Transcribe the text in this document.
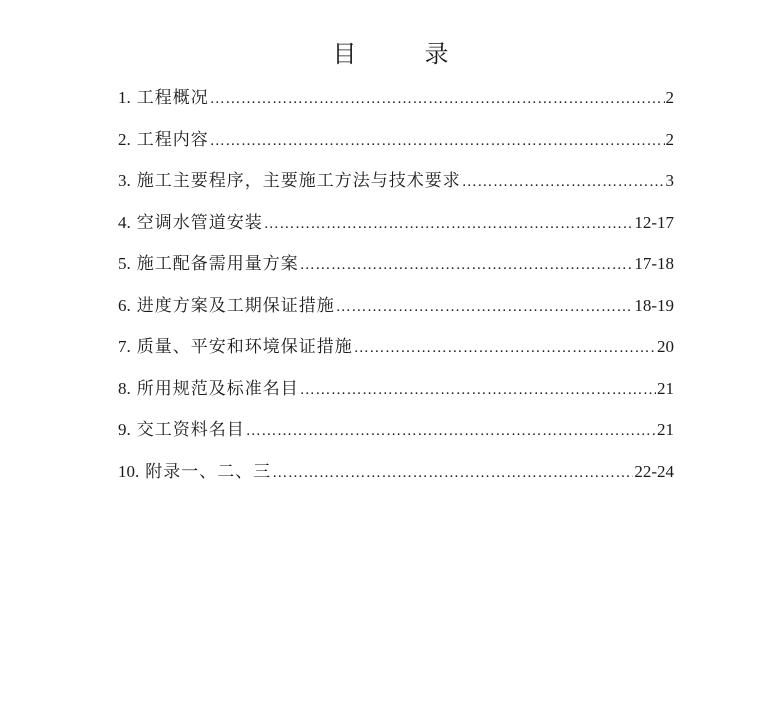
目	录
1. 工程概况 …………………………………………………………………………………………………………………………………………………………………………………………………………	2
2. 工程内容 …………………………………………………………………………………………………………………………………………………………………………………………………………	2
3. 施工主要程序，主要施工方法与技术要求 …………………………………………………………………………………………………………………………………………………………………………………………………………	3
4. 空调水管道安装 …………………………………………………………………………………………………………………………………………………………………………………………………………	12-17
5. 施工配备需用量方案 …………………………………………………………………………………………………………………………………………………………………………………………………………	17-18
6. 进度方案及工期保证措施 …………………………………………………………………………………………………………………………………………………………………………………………………………	18-19
7. 质量、平安和环境保证措施 …………………………………………………………………………………………………………………………………………………………………………………………………………	20
8. 所用规范及标准名目 …………………………………………………………………………………………………………………………………………………………………………………………………………	21
9. 交工资料名目 …………………………………………………………………………………………………………………………………………………………………………………………………………	21
10. 附录一、二、三 …………………………………………………………………………………………………………………………………………………………………………………………………………	22-24
